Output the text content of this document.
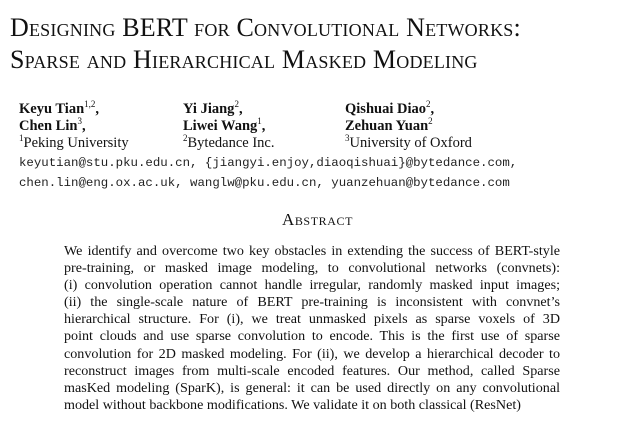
Designing BERT for Convolutional Networks:
Sparse and Hierarchical Masked Modeling
Keyu Tian$^{1,2}$,
Chen Lin$^3$,
$^1$Peking University
Yi Jiang$^2$,
Liwei Wang$^1$,
$^2$Bytedance Inc.
Qishuai Diao$^2$,
Zehuan Yuan$^2$
$^3$University of Oxford
keyutian@stu.pku.edu.cn, {jiangyi.enjoy,diaoqishuai}@bytedance.com,
chen.lin@eng.ox.ac.uk, wanglw@pku.edu.cn, yuanzehuan@bytedance.com
Abstract
We identify and overcome two key obstacles in extending the success of BERT-style
pre-training, or masked image modeling, to convolutional networks (convnets):
(i) convolution operation cannot handle irregular, randomly masked input images;
(ii) the single-scale nature of BERT pre-training is inconsistent with convnet’s
hierarchical structure. For (i), we treat unmasked pixels as sparse voxels of 3D
point clouds and use sparse convolution to encode. This is the first use of sparse
convolution for 2D masked modeling. For (ii), we develop a hierarchical decoder to
reconstruct images from multi-scale encoded features. Our method, called Sparse
masKed modeling (SparK), is general: it can be used directly on any convolutional
model without backbone modifications. We validate it on both classical (ResNet)
